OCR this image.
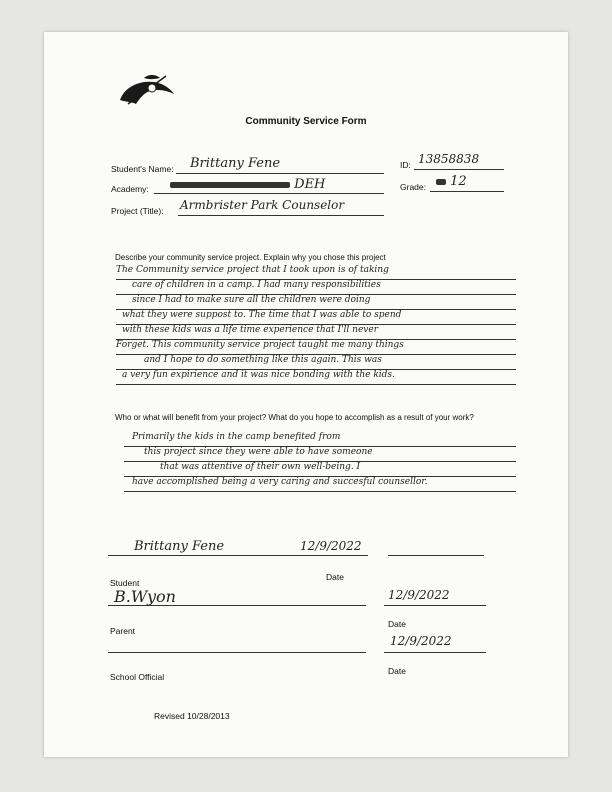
Community Service Form
Student's Name: Brittany Fene
Academy:	DEH
Project (Title): Armbrister Park Counselor
ID: 13858838
Grade:	12
Describe your community service project. Explain why you chose this project
The Community service project that I took upon is of taking
care of children in a camp. I had many responsibilities
since I had to make sure all the children were doing
what they were suppost to. The time that I was able to spend
with these kids was a life time experience that I'll never
Forget. This community service project taught me many things
and I hope to do something like this again. This was
a very fun expirience and it was nice bonding with the kids.
Who or what will benefit from your project? What do you hope to accomplish as a result of your work?
Primarily the kids in the camp benefited from
this project since they were able to have someone
that was attentive of their own well-being. I
have accomplished being a very caring and succesful counsellor.
Brittany Fene	12/9/2022
Date
Student
B.Wyon	12/9/2022
Date
Parent
12/9/2022
Date
School Official
Revised 10/28/2013
